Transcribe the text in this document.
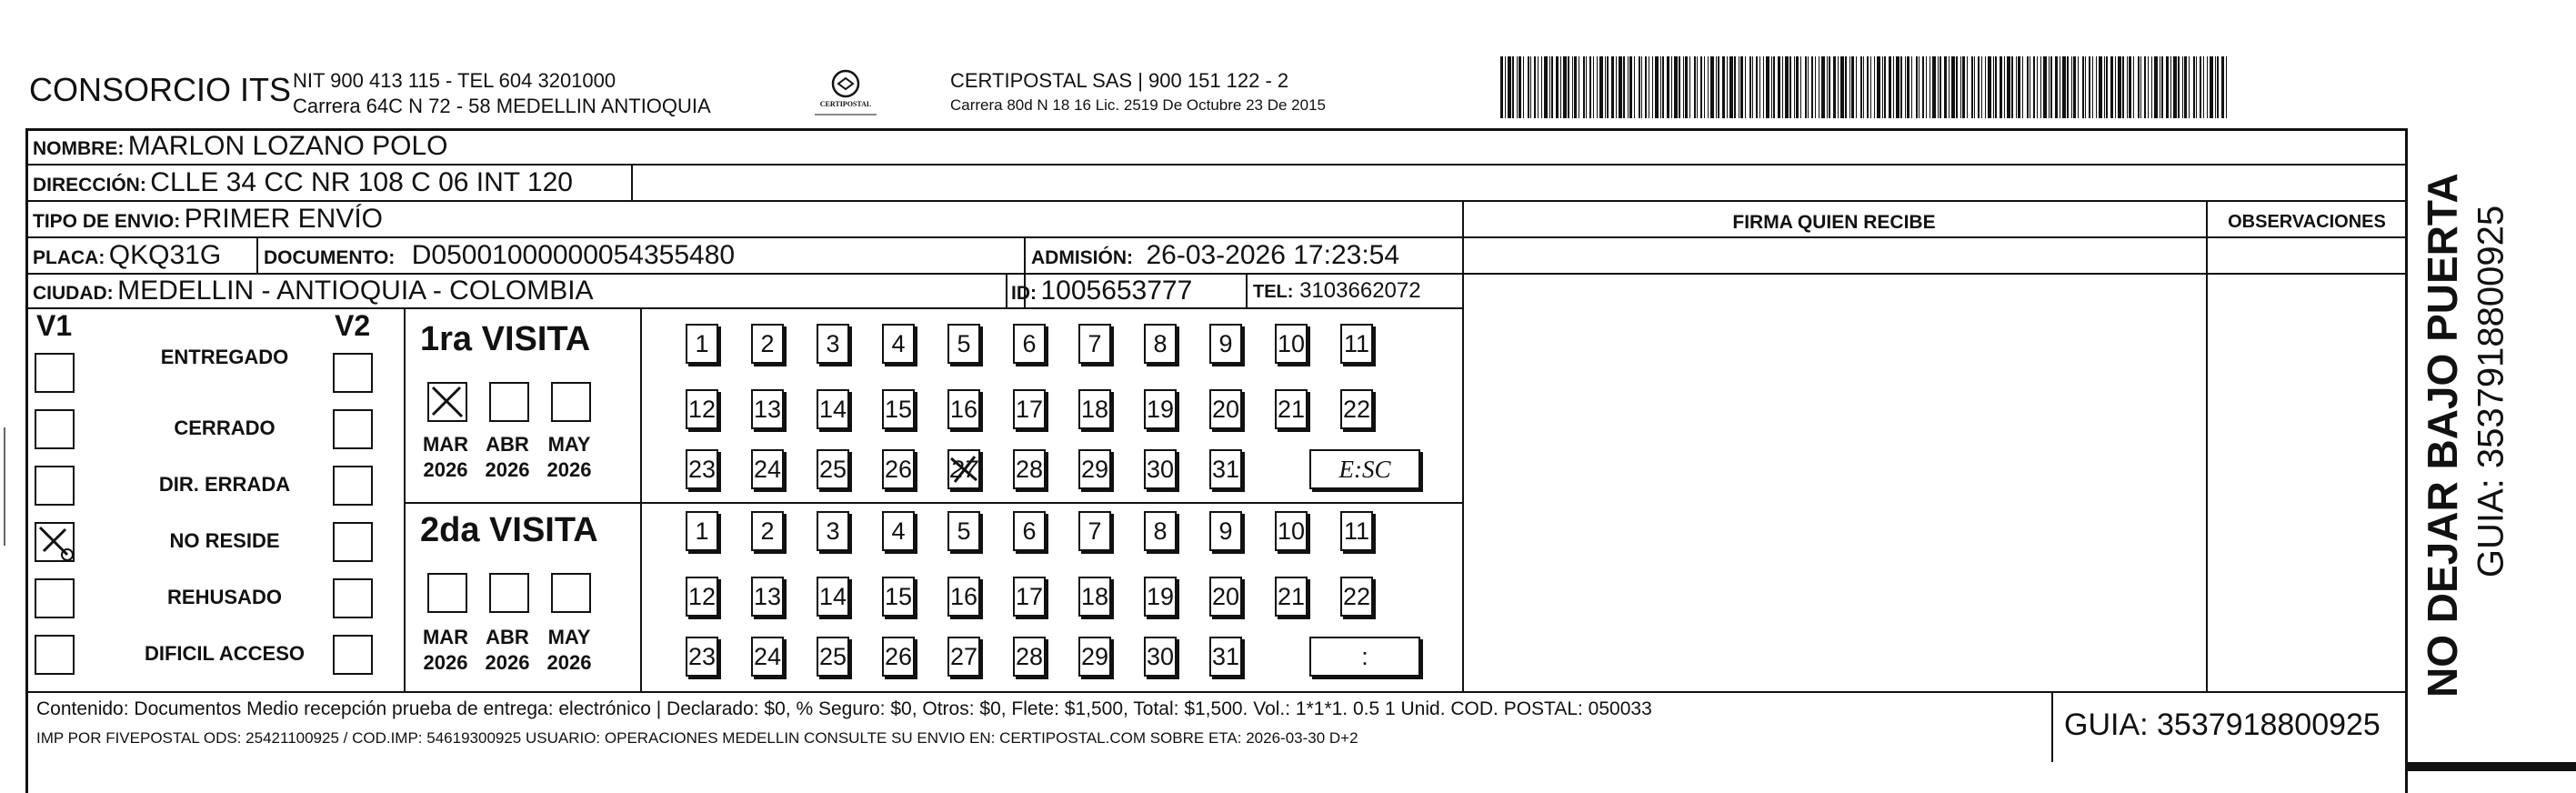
CONSORCIO ITS NIT 900 413 115 - TEL 604 3201000
Carrera 64C N 72 - 58 MEDELLIN ANTIOQUIA	CERTIPOSTAL
CERTIPOSTAL SAS | 900 151 122 - 2
Carrera 80d N 18 16 Lic. 2519 De Octubre 23 De 2015
NOMBRE: MARLON LOZANO POLO
DIRECCIÓN: CLLE 34 CC NR 108 C 06 INT 120
TIPO DE ENVIO: PRIMER ENVÍO	FIRMA QUIEN RECIBE	OBSERVACIONES
PLACA: QKQ31G DOCUMENTO: D05001000000054355480	ADMISIÓN: 26-03-2026 17:23:54
CIUDAD: MEDELLIN - ANTIOQUIA - COLOMBIA	ID: 1005653777	TEL: 3103662072
V1	V2
ENTREGADO
CERRADO
DIR. ERRADA
NO RESIDE
REHUSADO
DIFICIL ACCESO
1ra VISITA
2da VISITA
MAR
2026
ABR
2026
MAY
2026
MAR
2026
ABR
2026
MAY
2026
1	2	3	4	5	6	7	8	9	10 11
12 13 14 15 16 17 18 19 20 21 22
23 24 25 26 27 28 29 30 31
1	2	3	4	5	6	7	8	9	10 11
12 13 14 15 16 17 18 19 20 21 22
23 24 25 26 27 28 29 30 31
E:SC
:
Contenido: Documentos Medio recepción prueba de entrega: electrónico | Declarado: $0, % Seguro: $0, Otros: $0, Flete: $1,500, Total: $1,500. Vol.: 1*1*1. 0.5 1 Unid. COD. POSTAL: 050033
IMP POR FIVEPOSTAL ODS: 25421100925 / COD.IMP: 54619300925 USUARIO: OPERACIONES MEDELLIN CONSULTE SU ENVIO EN: CERTIPOSTAL.COM SOBRE ETA: 2026-03-30 D+2	GUIA: 3537918800925
NO DEJAR BAJO PUERTA GUIA: 3537918800925
